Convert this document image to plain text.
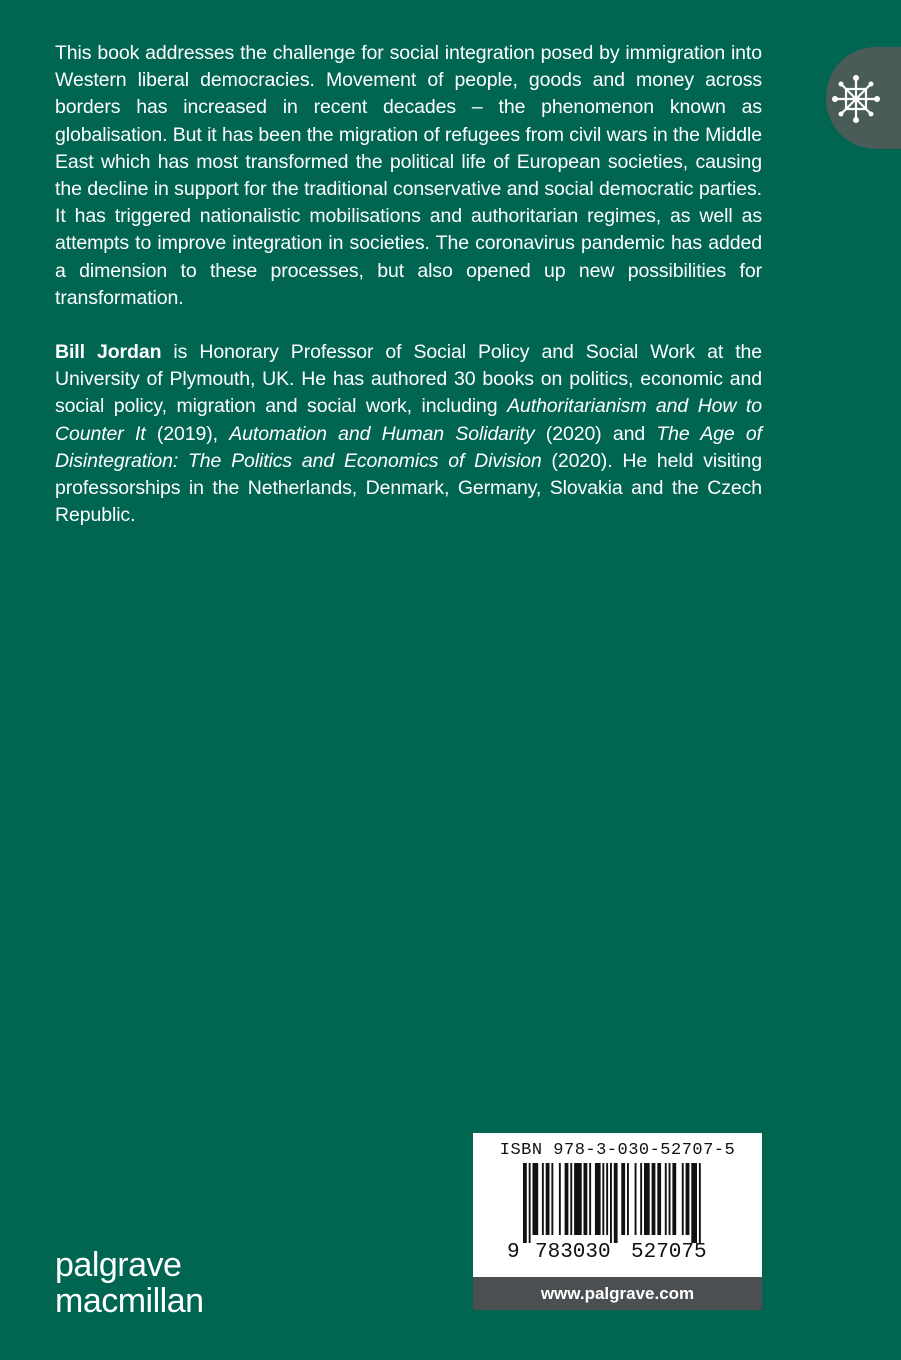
This book addresses the challenge for social integration posed by immigration into Western liberal democracies. Movement of people, goods and money across borders has increased in recent decades – the phenomenon known as globalisation. But it has been the migration of refugees from civil wars in the Middle East which has most transformed the political life of European societies, causing the decline in support for the traditional conservative and social democratic parties. It has triggered nationalistic mobilisations and authoritarian regimes, as well as attempts to improve integration in societies. The coronavirus pandemic has added a dimension to these processes, but also opened up new possibilities for transformation.

Bill Jordan is Honorary Professor of Social Policy and Social Work at the University of Plymouth, UK. He has authored 30 books on politics, economic and social policy, migration and social work, including Authoritarianism and How to Counter It (2019), Automation and Human Solidarity (2020) and The Age of Disintegration: The Politics and Economics of Division (2020). He held visiting professorships in the Netherlands, Denmark, Germany, Slovakia and the Czech Republic.

palgrave
macmillan
ISBN 978-3-030-52707-5
9 783030 527075
www.palgrave.com
